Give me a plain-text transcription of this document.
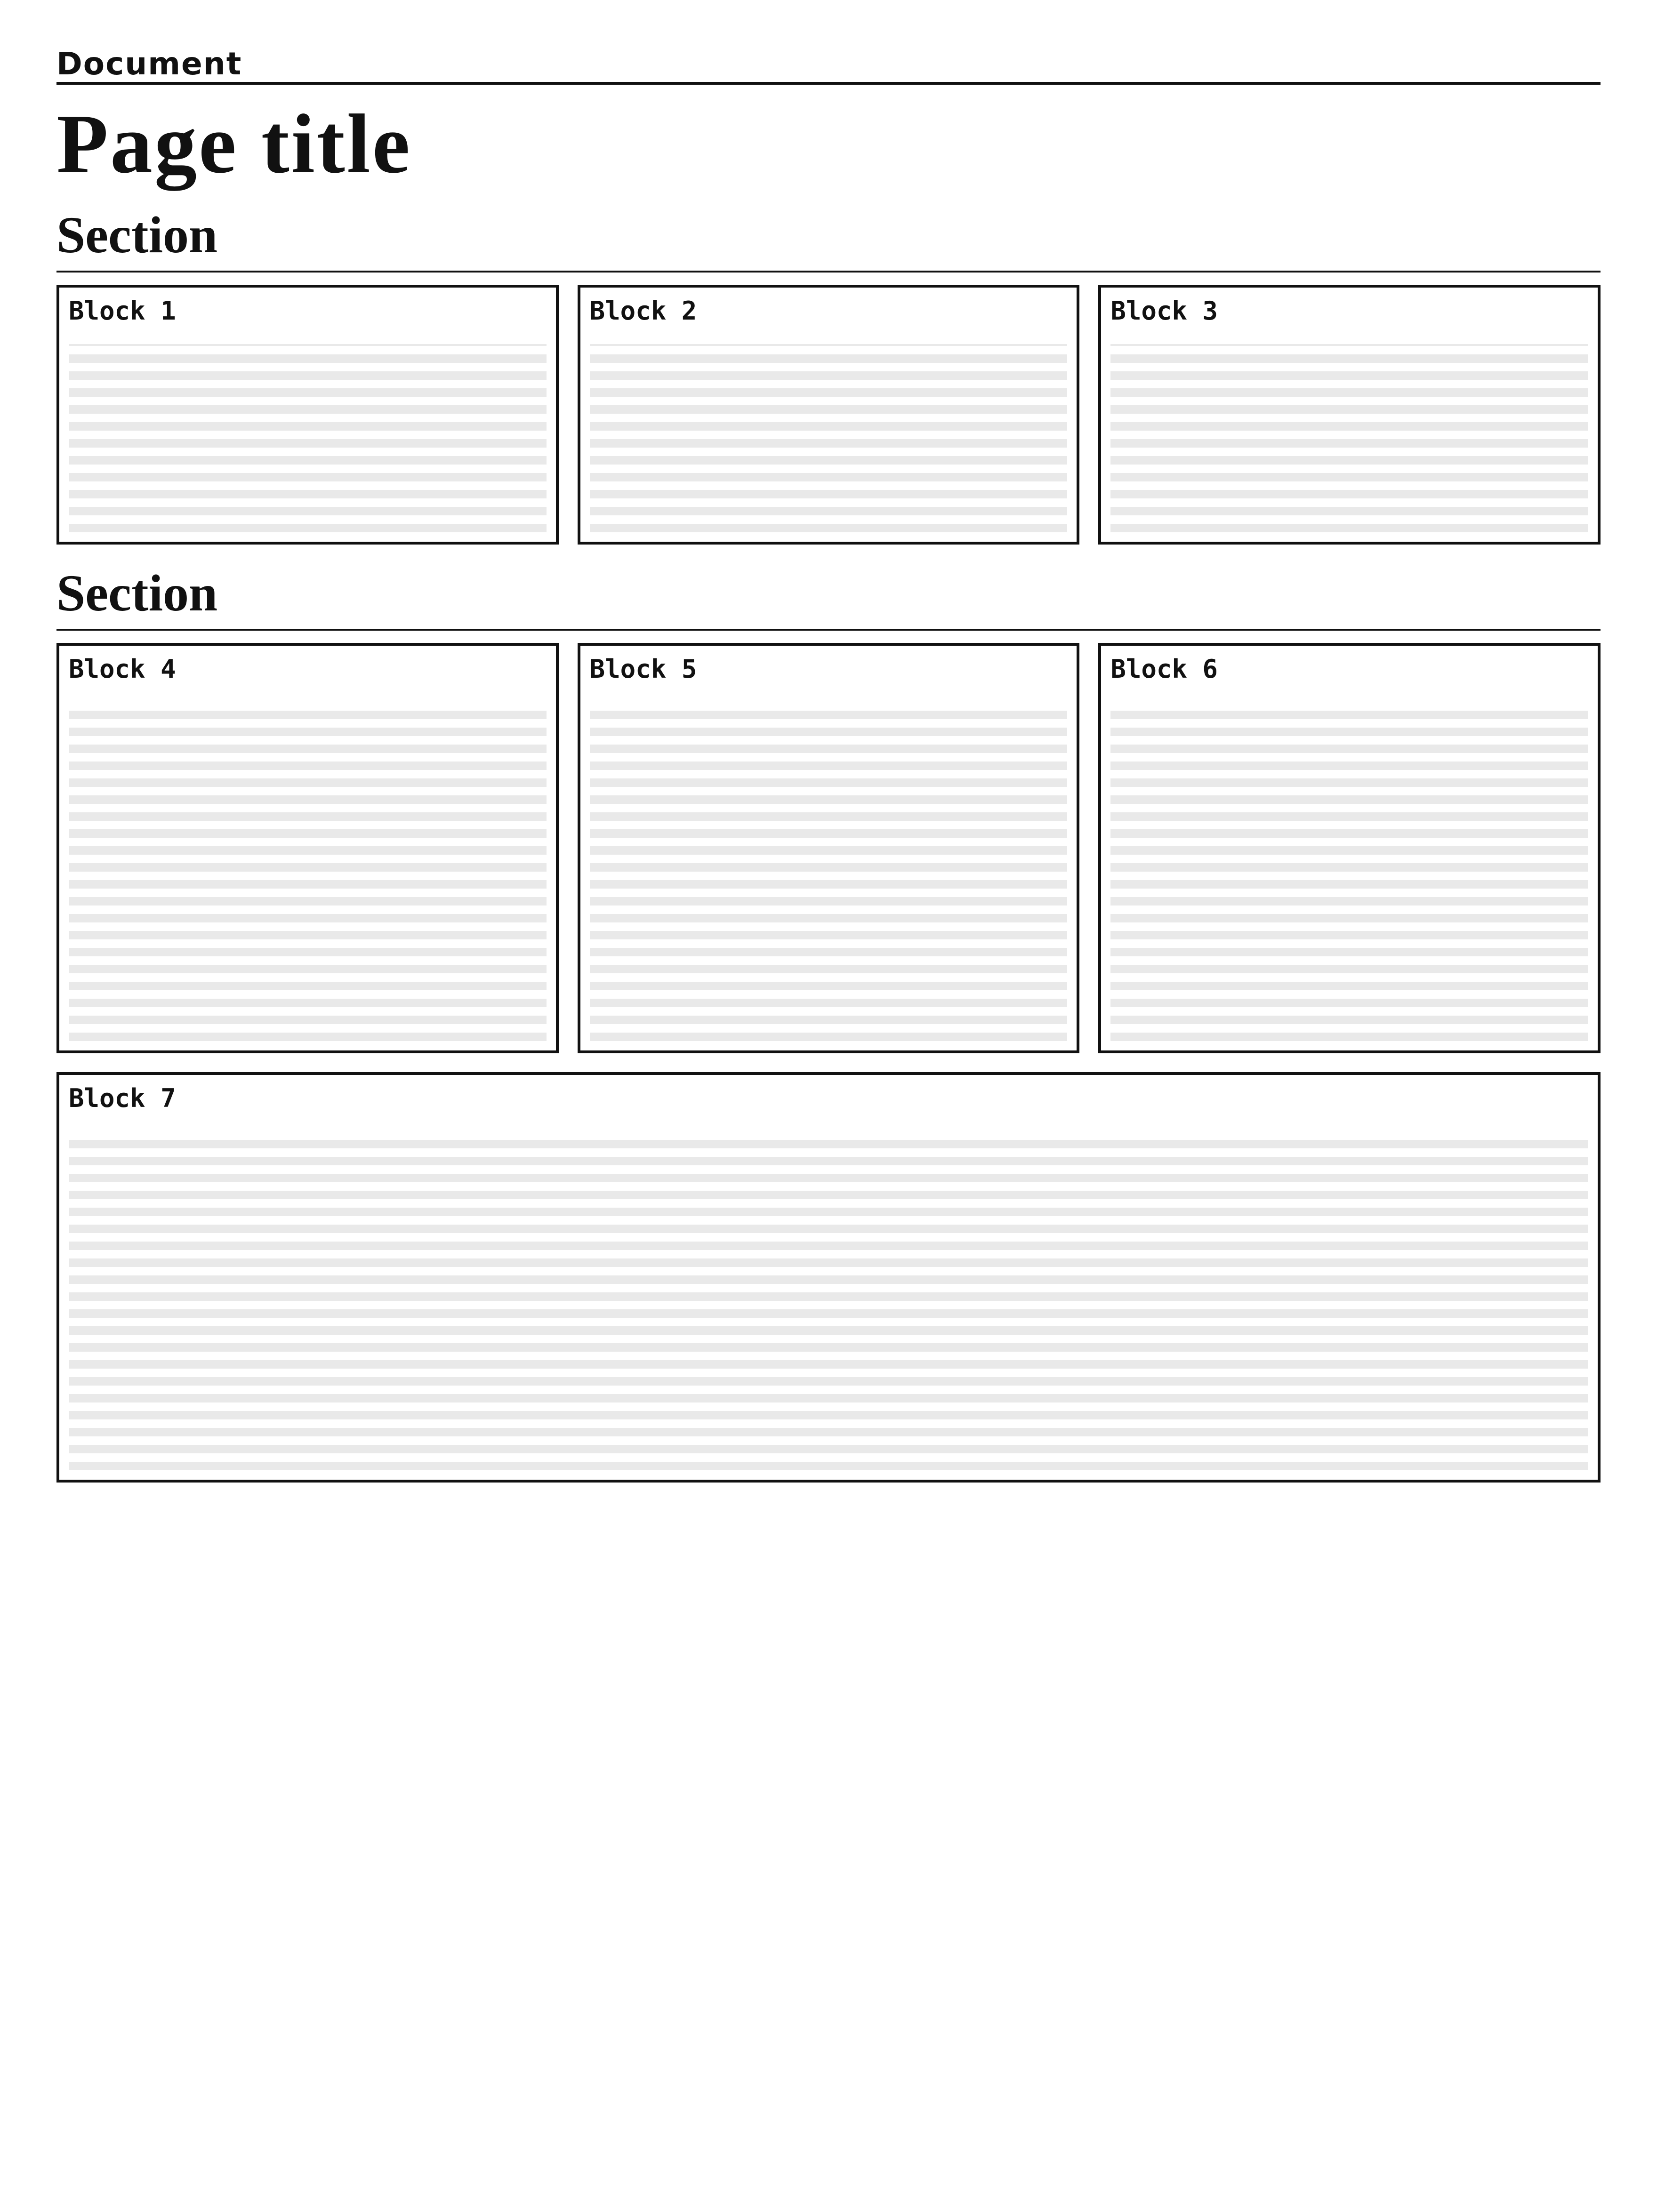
Document
Page title
Section
Block 1	Block 2	Block 3
Section
Block 4	Block 5	Block 6
Block 7
